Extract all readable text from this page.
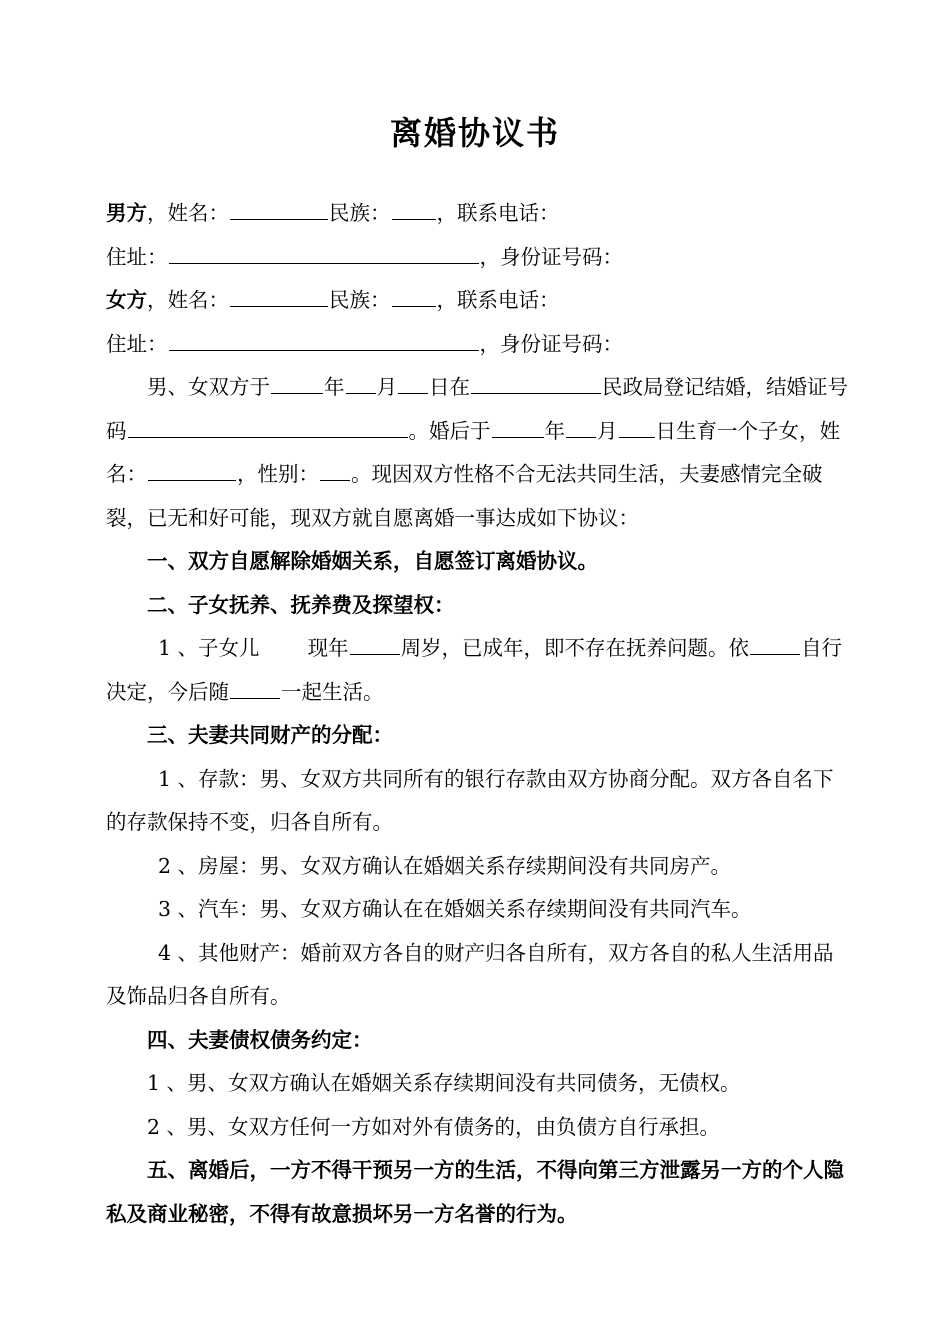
离婚协议书
男方，姓名：	民族： ，联系电话：
住址：	，身份证号码：
女方，姓名：	民族： ，联系电话：
住址：	，身份证号码：
男、女双方于	年 月 日在	民政局登记结婚，结婚证号码	。婚后于	年 月 日生育一个子女，姓名：	，性别： 。现因双方性格不合无法共同生活，夫妻感情完全破裂，已无和好可能，现双方就自愿离婚一事达成如下协议：
一、双方自愿解除婚姻关系，自愿签订离婚协议。
二、子女抚养、抚养费及探望权：
1 、子女儿 现年	周岁，已成年，即不存在抚养问题。依	自行决定，今后随	一起生活。
三、夫妻共同财产的分配：
1 、存款：男、女双方共同所有的银行存款由双方协商分配。双方各自名下的存款保持不变，归各自所有。
2 、房屋：男、女双方确认在婚姻关系存续期间没有共同房产。
3 、汽车：男、女双方确认在在婚姻关系存续期间没有共同汽车。
4 、其他财产：婚前双方各自的财产归各自所有，双方各自的私人生活用品及饰品归各自所有。
四、夫妻债权债务约定：
1 、男、女双方确认在婚姻关系存续期间没有共同债务，无债权。
2 、男、女双方任何一方如对外有债务的，由负债方自行承担。
五、离婚后，一方不得干预另一方的生活，不得向第三方泄露另一方的个人隐私及商业秘密，不得有故意损坏另一方名誉的行为。
